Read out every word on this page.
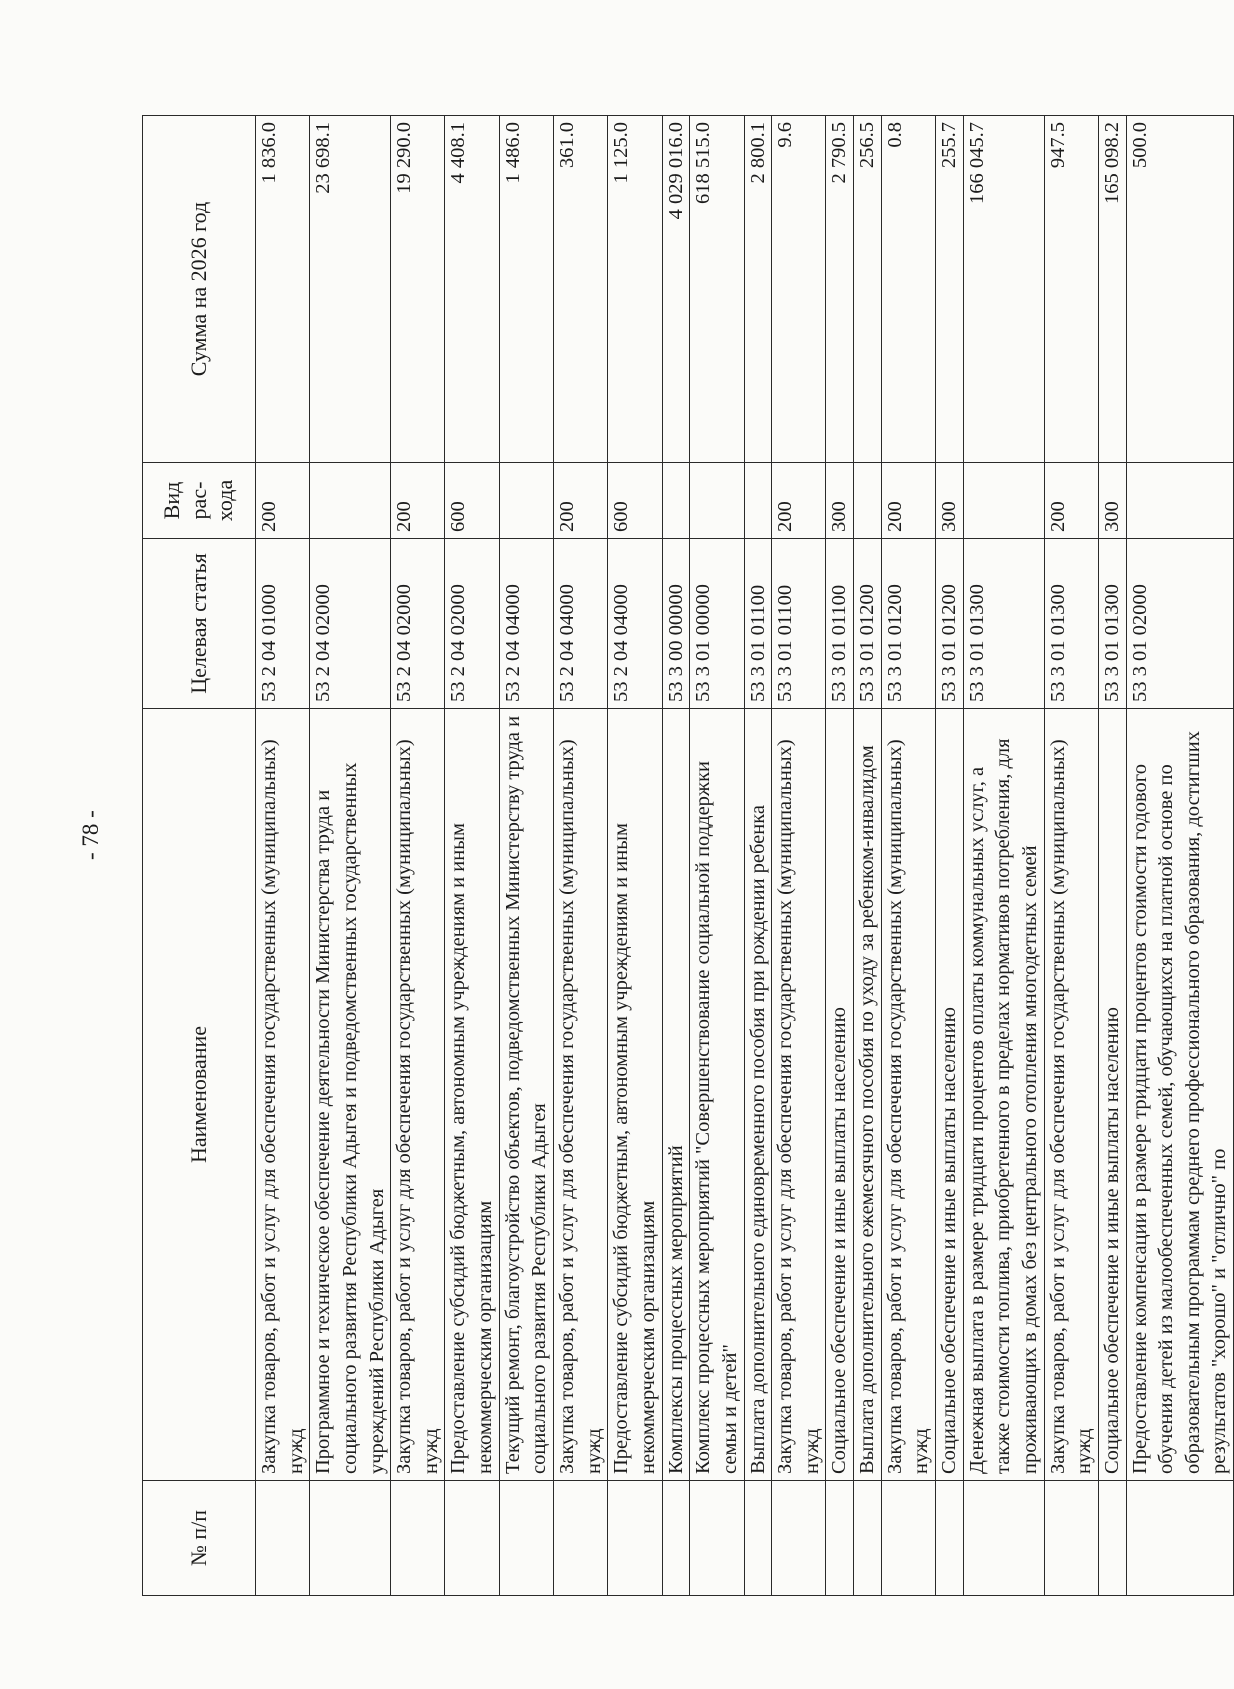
- 78 -
№ п/п	Наименование	Целевая статья	Вид рас-хода	Сумма на 2026 год
	Закупка товаров, работ и услуг для обеспечения государственных (муниципальных) нужд	53 2 04 01000	200	1 836.0
	Программное и техническое обеспечение деятельности Министерства труда и социального развития Республики Адыгея и подведомственных государственных учреждений Республики Адыгея	53 2 04 02000		23 698.1
	Закупка товаров, работ и услуг для обеспечения государственных (муниципальных) нужд	53 2 04 02000	200	19 290.0
	Предоставление субсидий бюджетным, автономным учреждениям и иным некоммерческим организациям	53 2 04 02000	600	4 408.1
	Текущий ремонт, благоустройство объектов, подведомственных Министерству труда и социального развития Республики Адыгея	53 2 04 04000		1 486.0
	Закупка товаров, работ и услуг для обеспечения государственных (муниципальных) нужд	53 2 04 04000	200	361.0
	Предоставление субсидий бюджетным, автономным учреждениям и иным некоммерческим организациям	53 2 04 04000	600	1 125.0
	Комплексы процессных мероприятий	53 3 00 00000		4 029 016.0
	Комплекс процессных мероприятий "Совершенствование социальной поддержки семьи и детей"	53 3 01 00000		618 515.0
	Выплата дополнительного единовременного пособия при рождении ребенка	53 3 01 01100		2 800.1
	Закупка товаров, работ и услуг для обеспечения государственных (муниципальных) нужд	53 3 01 01100	200	9.6
	Социальное обеспечение и иные выплаты населению	53 3 01 01100	300	2 790.5
	Выплата дополнительного ежемесячного пособия по уходу за ребенком-инвалидом	53 3 01 01200		256.5
	Закупка товаров, работ и услуг для обеспечения государственных (муниципальных) нужд	53 3 01 01200	200	0.8
	Социальное обеспечение и иные выплаты населению	53 3 01 01200	300	255.7
	Денежная выплата в размере тридцати процентов оплаты коммунальных услуг, а также стоимости топлива, приобретенного в пределах нормативов потребления, для проживающих в домах без центрального отопления многодетных семей	53 3 01 01300		166 045.7
	Закупка товаров, работ и услуг для обеспечения государственных (муниципальных) нужд	53 3 01 01300	200	947.5
	Социальное обеспечение и иные выплаты населению	53 3 01 01300	300	165 098.2
	Предоставление компенсации в размере тридцати процентов стоимости годового обучения детей из малообеспеченных семей, обучающихся на платной основе по образовательным программам среднего профессионального образования, достигших результатов "хорошо" и "отлично" по	53 3 01 02000		500.0
